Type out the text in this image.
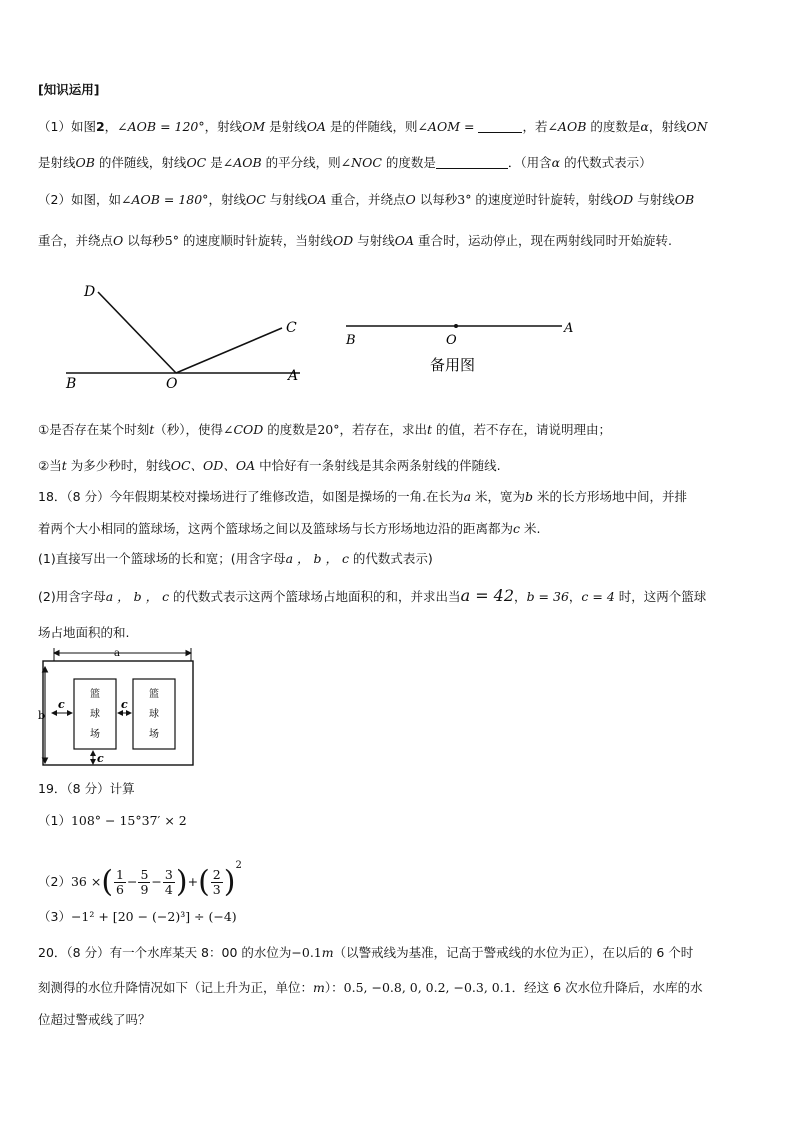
[知识运用]
（1）如图2，∠AOB = 120°，射线OM 是射线OA 是的伴随线，则∠AOM =	，若∠AOB 的度数是α，射线ON
是射线OB 的伴随线，射线OC 是∠AOB 的平分线，则∠NOC 的度数是	．（用含α 的代数式表示）
（2）如图，如∠AOB = 180°，射线OC 与射线OA 重合，并绕点O 以每秒3° 的速度逆时针旋转，射线OD 与射线OB
重合，并绕点O 以每秒5° 的速度顺时针旋转，当射线OD 与射线OA 重合时，运动停止，现在两射线同时开始旋转.
D
C
B	O	A
B	O
A
备用图
①是否存在某个时刻t（秒），使得∠COD 的度数是20°，若存在，求出t 的值，若不存在，请说明理由；
②当t 为多少秒时，射线OC、OD、OA 中恰好有一条射线是其余两条射线的伴随线.
18．（8 分）今年假期某校对操场进行了维修改造，如图是操场的一角.在长为a 米，宽为b 米的长方形场地中间，并排
着两个大小相同的篮球场，这两个篮球场之间以及篮球场与长方形场地边沿的距离都为c 米.
(1)直接写出一个篮球场的长和宽；(用含字母a ， b ， c 的代数式表示)
(2)用含字母a ， b ， c 的代数式表示这两个篮球场占地面积的和，并求出当a = 42，b = 36，c = 4 时，这两个篮球
场占地面积的和.
a
b
篮
球
场
篮
球
场
c	c
c
19．（8 分）计算
（1）108° − 15°37′ × 2
（2）36 ×( $\frac{1}{6} - \frac{5}{9} - \frac{3}{4}$ )+( $\frac{2}{3} )^2$
（3）−1² + [20 − (−2)³] ÷ (−4)
20．（8 分）有一个水库某天 8：00 的水位为−0.1m（以警戒线为基准，记高于警戒线的水位为正），在以后的 6 个时
刻测得的水位升降情况如下（记上升为正，单位：m）：0.5, −0.8, 0, 0.2, −0.3, 0.1．经这 6 次水位升降后，水库的水
位超过警戒线了吗？
